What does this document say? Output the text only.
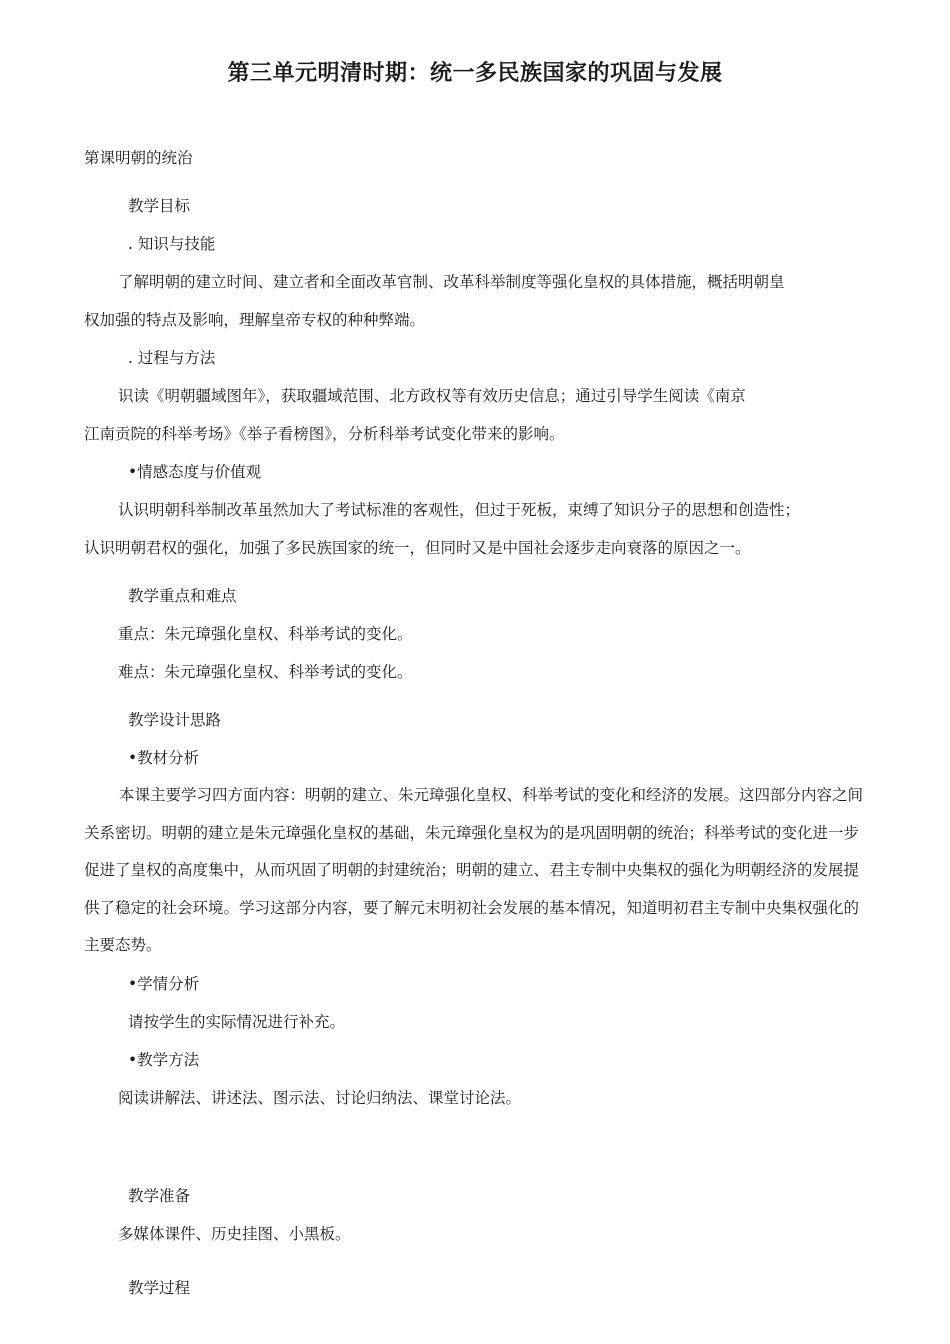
第三单元明清时期：统一多民族国家的巩固与发展
第课明朝的统治
教学目标
. 知识与技能
了解明朝的建立时间、建立者和全面改革官制、改革科举制度等强化皇权的具体措施，概括明朝皇
权加强的特点及影响，理解皇帝专权的种种弊端。
. 过程与方法
识读《明朝疆域图年》，获取疆域范围、北方政权等有效历史信息；通过引导学生阅读《南京
江南贡院的科举考场》《举子看榜图》，分析科举考试变化带来的影响。
•情感态度与价值观
认识明朝科举制改革虽然加大了考试标准的客观性，但过于死板，束缚了知识分子的思想和创造性；
认识明朝君权的强化，加强了多民族国家的统一，但同时又是中国社会逐步走向衰落的原因之一。
教学重点和难点
重点：朱元璋强化皇权、科举考试的变化。
难点：朱元璋强化皇权、科举考试的变化。
教学设计思路
•教材分析
本课主要学习四方面内容：明朝的建立、朱元璋强化皇权、科举考试的变化和经济的发展。这四部分内容之间关系密切。明朝的建立是朱元璋强化皇权的基础，朱元璋强化皇权为的是巩固明朝的统治；科举考试的变化进一步促进了皇权的高度集中，从而巩固了明朝的封建统治；明朝的建立、君主专制中央集权的强化为明朝经济的发展提供了稳定的社会环境。学习这部分内容，要了解元末明初社会发展的基本情况，知道明初君主专制中央集权强化的主要态势。
•学情分析
请按学生的实际情况进行补充。
•教学方法
阅读讲解法、讲述法、图示法、讨论归纳法、课堂讨论法。
教学准备
多媒体课件、历史挂图、小黑板。
教学过程
